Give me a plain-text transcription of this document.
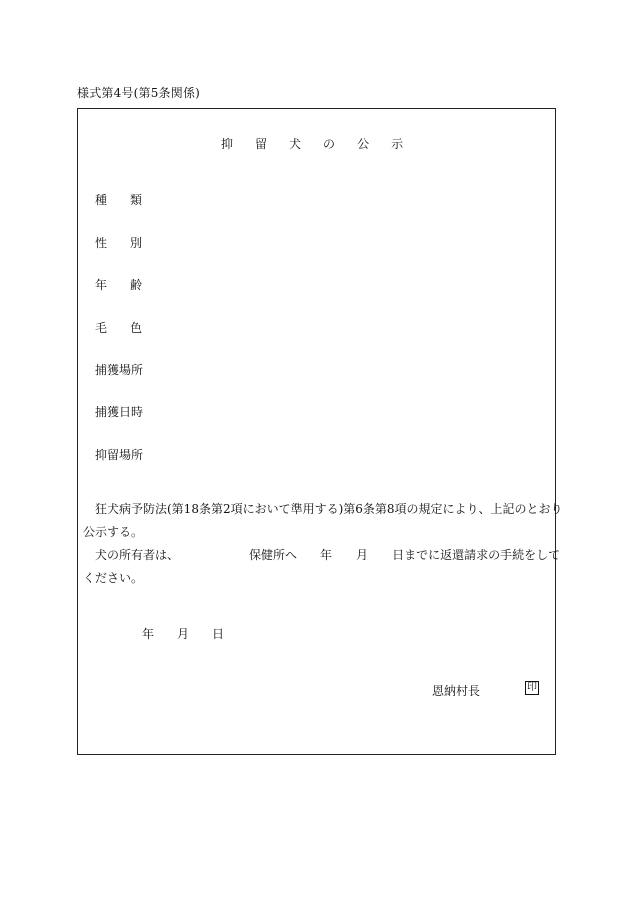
様式第4号(第5条関係)
抑 留 犬 の 公 示
種 類
性 別
年 齢
毛 色
捕獲場所
捕獲日時
抑留場所
狂犬病予防法(第18条第2項において準用する)第6条第8項の規定により、上記のとおり
公示する。
犬の所有者は、	保健所へ 年 月 日までに返還請求の手続をして
ください。
年 月 日
恩納村長	印
